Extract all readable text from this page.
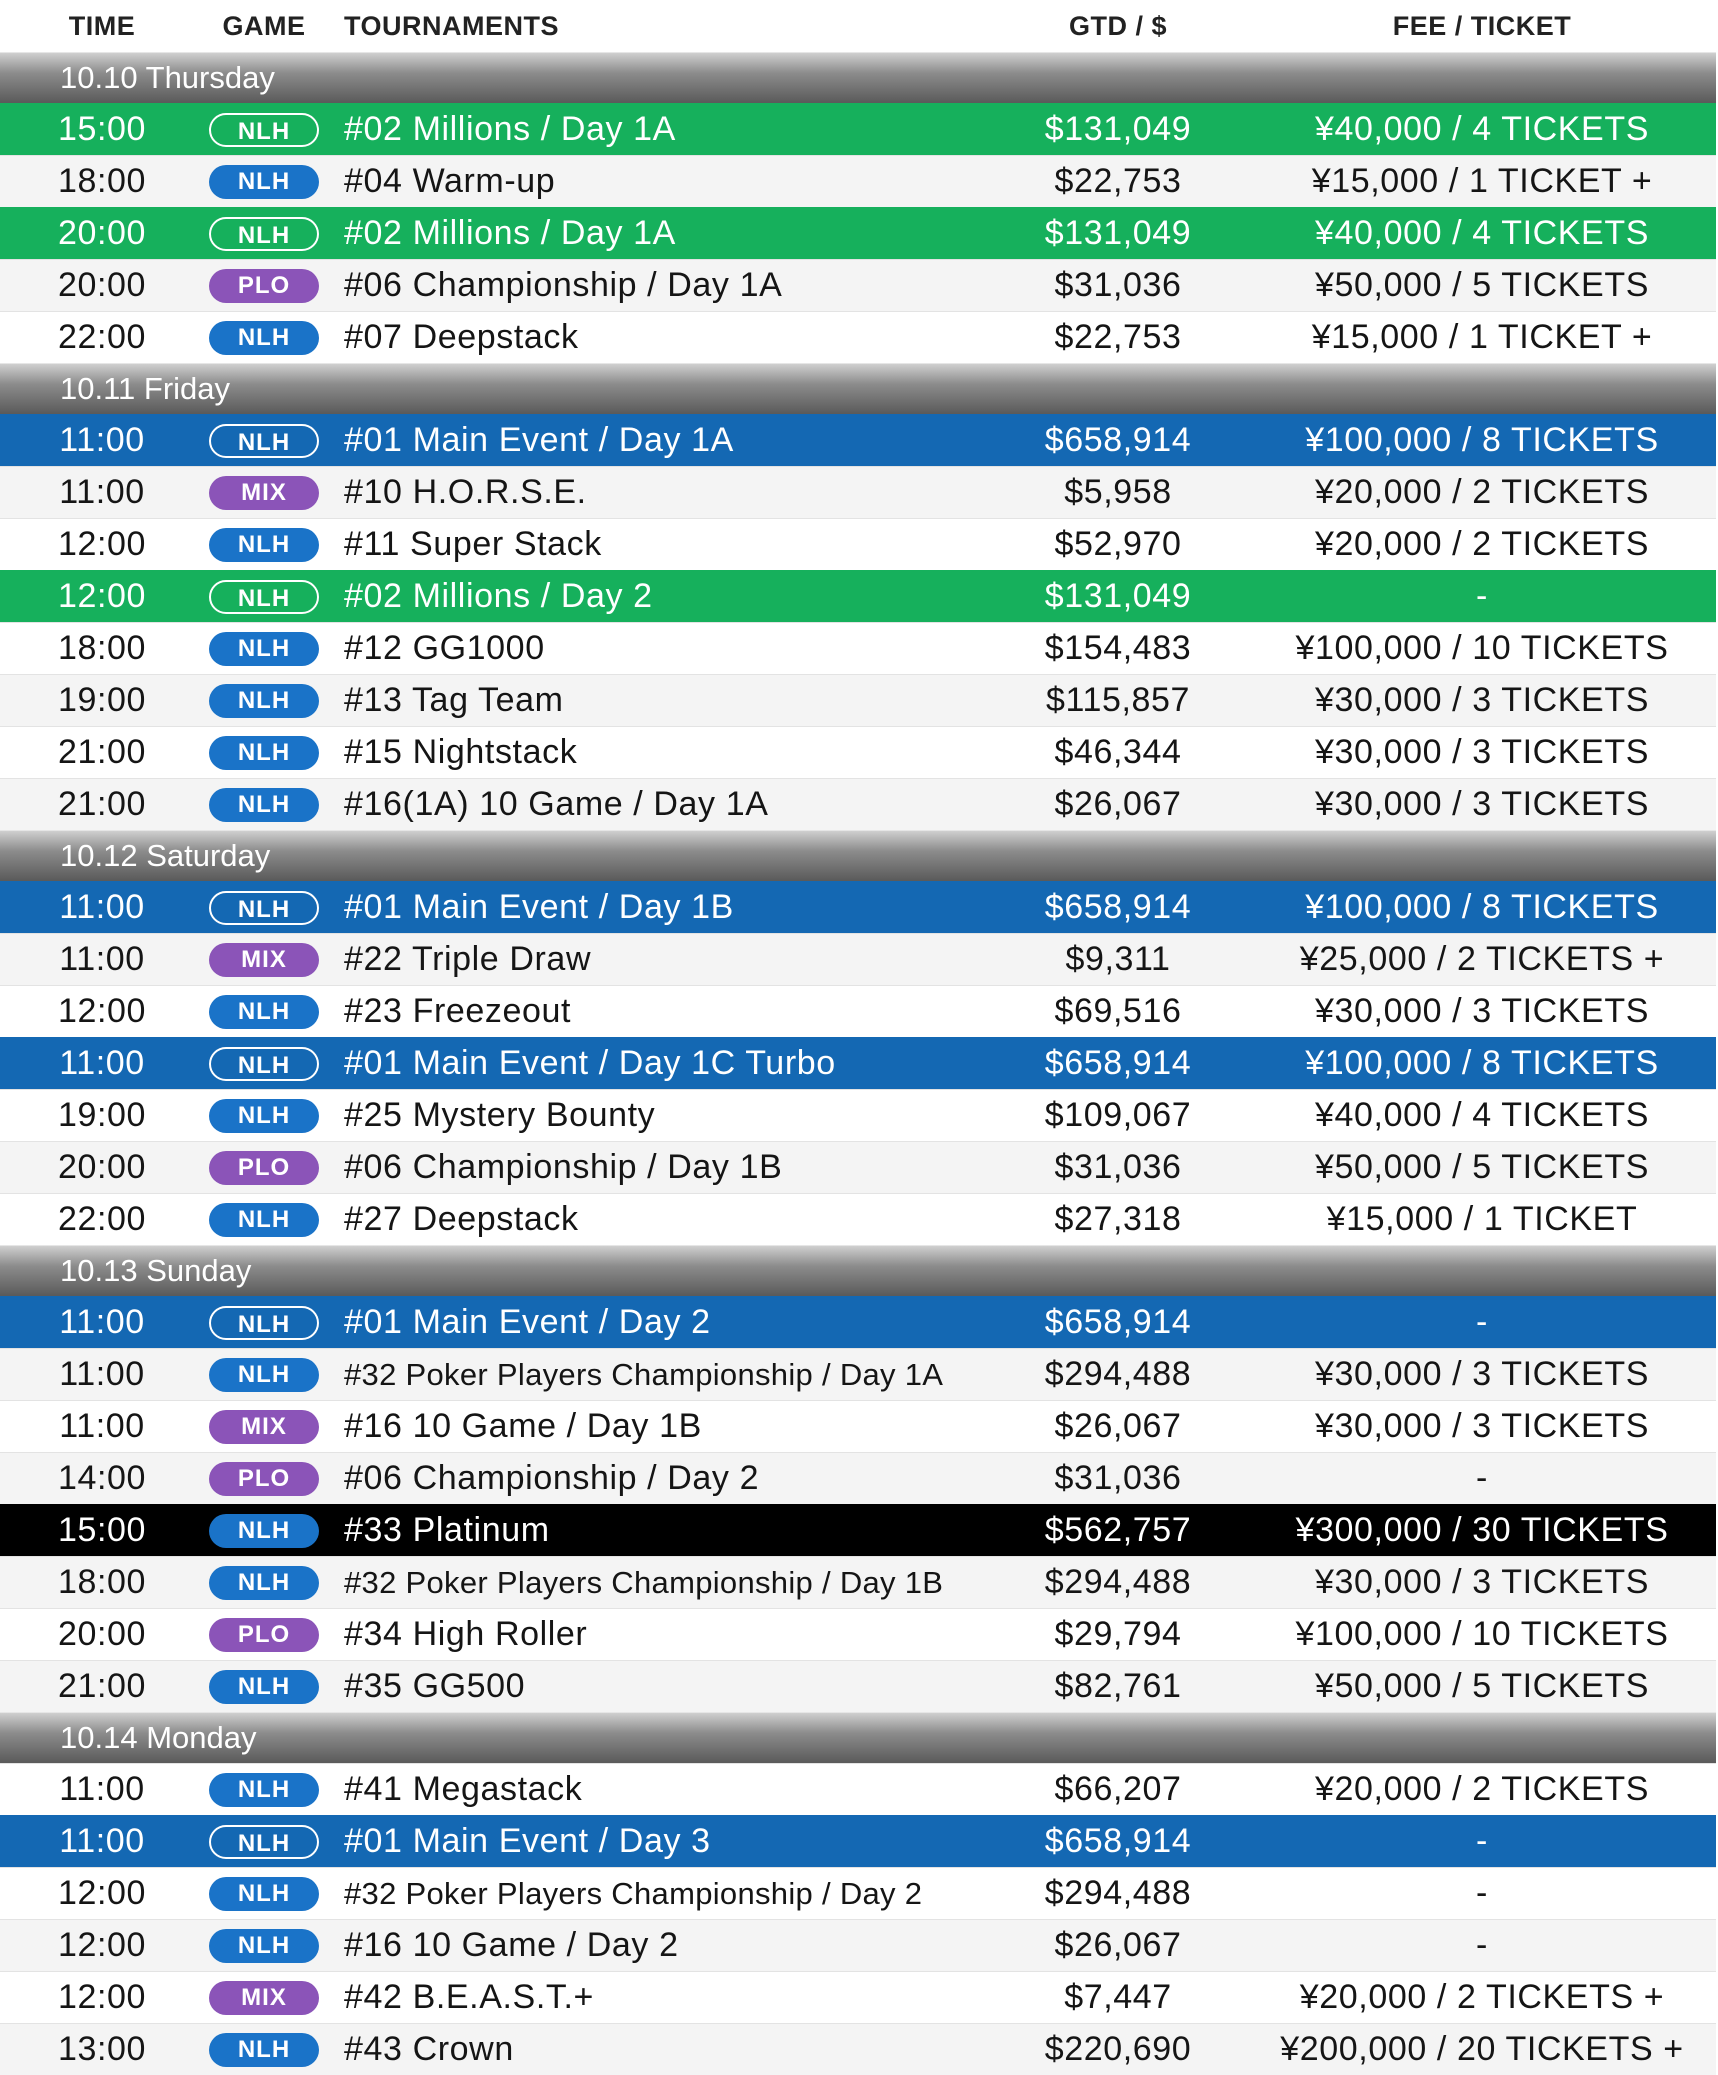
TIME	GAME	TOURNAMENTS	GTD / $	FEE / TICKET
10.10 Thursday
15:00	NLH	#02 Millions / Day 1A	$131,049	¥40,000 / 4 TICKETS
18:00	NLH	#04 Warm-up	$22,753	¥15,000 / 1 TICKET +
20:00	NLH	#02 Millions / Day 1A	$131,049	¥40,000 / 4 TICKETS
20:00	PLO	#06 Championship / Day 1A	$31,036	¥50,000 / 5 TICKETS
22:00	NLH	#07 Deepstack	$22,753	¥15,000 / 1 TICKET +
10.11 Friday
11:00	NLH	#01 Main Event / Day 1A	$658,914	¥100,000 / 8 TICKETS
11:00	MIX	#10 H.O.R.S.E.	$5,958	¥20,000 / 2 TICKETS
12:00	NLH	#11 Super Stack	$52,970	¥20,000 / 2 TICKETS
12:00	NLH	#02 Millions / Day 2	$131,049	-
18:00	NLH	#12 GG1000	$154,483	¥100,000 / 10 TICKETS
19:00	NLH	#13 Tag Team	$115,857	¥30,000 / 3 TICKETS
21:00	NLH	#15 Nightstack	$46,344	¥30,000 / 3 TICKETS
21:00	NLH	#16(1A) 10 Game / Day 1A	$26,067	¥30,000 / 3 TICKETS
10.12 Saturday
11:00	NLH	#01 Main Event / Day 1B	$658,914	¥100,000 / 8 TICKETS
11:00	MIX	#22 Triple Draw	$9,311	¥25,000 / 2 TICKETS +
12:00	NLH	#23 Freezeout	$69,516	¥30,000 / 3 TICKETS
11:00	NLH	#01 Main Event / Day 1C Turbo	$658,914	¥100,000 / 8 TICKETS
19:00	NLH	#25 Mystery Bounty	$109,067	¥40,000 / 4 TICKETS
20:00	PLO	#06 Championship / Day 1B	$31,036	¥50,000 / 5 TICKETS
22:00	NLH	#27 Deepstack	$27,318	¥15,000 / 1 TICKET
10.13 Sunday
11:00	NLH	#01 Main Event / Day 2	$658,914	-
11:00	NLH	#32 Poker Players Championship / Day 1A	$294,488	¥30,000 / 3 TICKETS
11:00	MIX	#16 10 Game / Day 1B	$26,067	¥30,000 / 3 TICKETS
14:00	PLO	#06 Championship / Day 2	$31,036	-
15:00	NLH	#33 Platinum	$562,757	¥300,000 / 30 TICKETS
18:00	NLH	#32 Poker Players Championship / Day 1B	$294,488	¥30,000 / 3 TICKETS
20:00	PLO	#34 High Roller	$29,794	¥100,000 / 10 TICKETS
21:00	NLH	#35 GG500	$82,761	¥50,000 / 5 TICKETS
10.14 Monday
11:00	NLH	#41 Megastack	$66,207	¥20,000 / 2 TICKETS
11:00	NLH	#01 Main Event / Day 3	$658,914	-
12:00	NLH	#32 Poker Players Championship / Day 2	$294,488	-
12:00	NLH	#16 10 Game / Day 2	$26,067	-
12:00	MIX	#42 B.E.A.S.T.+	$7,447	¥20,000 / 2 TICKETS +
13:00	NLH	#43 Crown	$220,690	¥200,000 / 20 TICKETS +
